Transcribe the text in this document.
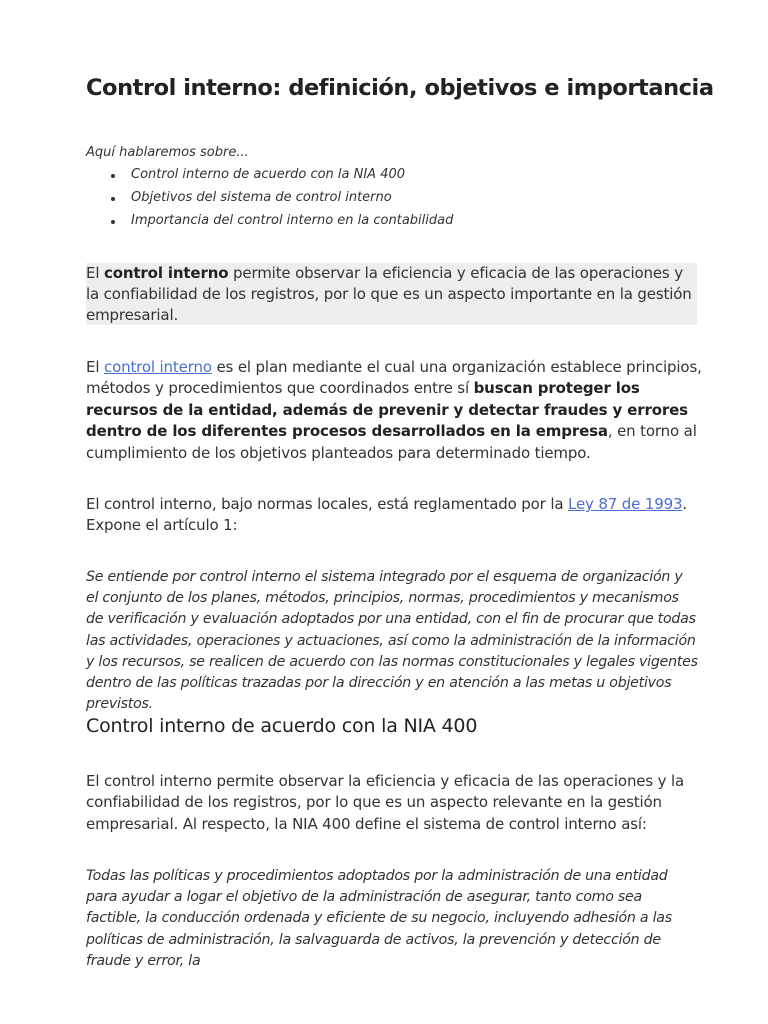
Control interno: definición, objetivos e importancia

Aquí hablaremos sobre...

Control interno de acuerdo con la NIA 400
Objetivos del sistema de control interno
Importancia del control interno en la contabilidad

El control interno permite observar la eficiencia y eficacia de las operaciones y la confiabilidad de los registros, por lo que es un aspecto importante en la gestión empresarial.

El control interno es el plan mediante el cual una organización establece principios, métodos y procedimientos que coordinados entre sí buscan proteger los recursos de la entidad, además de prevenir y detectar fraudes y errores dentro de los diferentes procesos desarrollados en la empresa, en torno al cumplimiento de los objetivos planteados para determinado tiempo.

El control interno, bajo normas locales, está reglamentado por la Ley 87 de 1993. Expone el artículo 1:

Se entiende por control interno el sistema integrado por el esquema de organización y el conjunto de los planes, métodos, principios, normas, procedimientos y mecanismos de verificación y evaluación adoptados por una entidad, con el fin de procurar que todas las actividades, operaciones y actuaciones, así como la administración de la información y los recursos, se realicen de acuerdo con las normas constitucionales y legales vigentes dentro de las políticas trazadas por la dirección y en atención a las metas u objetivos previstos.

Control interno de acuerdo con la NIA 400

El control interno permite observar la eficiencia y eficacia de las operaciones y la confiabilidad de los registros, por lo que es un aspecto relevante en la gestión empresarial. Al respecto, la NIA 400 define el sistema de control interno así:

Todas las políticas y procedimientos adoptados por la administración de una entidad para ayudar a logar el objetivo de la administración de asegurar, tanto como sea factible, la conducción ordenada y eficiente de su negocio, incluyendo adhesión a las políticas de administración, la salvaguarda de activos, la prevención y detección de fraude y error, la
